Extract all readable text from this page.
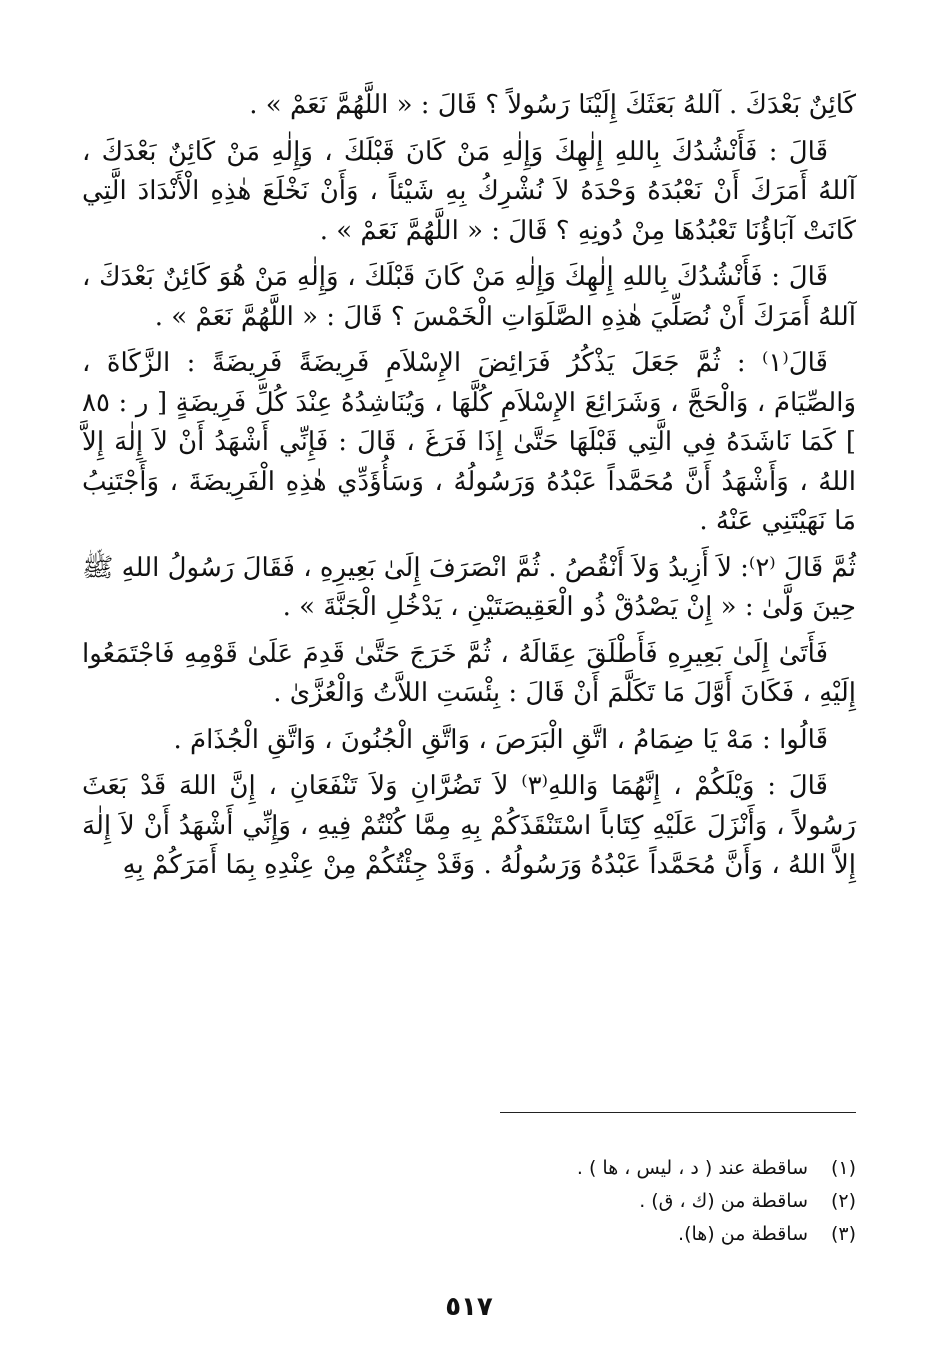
كَائِنٌ بَعْدَكَ . آللهُ بَعَثَكَ إِلَيْنَا رَسُولاً ؟ قَالَ : « اللَّهُمَّ نَعَمْ » .

قَالَ : فَأَنْشُدُكَ بِاللهِ إِلٰهِكَ وَإِلٰهِ مَنْ كَانَ قَبْلَكَ ، وَإِلٰهِ مَنْ كَائِنٌ بَعْدَكَ ، آللهُ أَمَرَكَ أَنْ نَعْبُدَهُ وَحْدَهُ لاَ نُشْرِكُ بِهِ شَيْئاً ، وَأَنْ نَخْلَعَ هٰذِهِ الْأَنْدَادَ الَّتِي كَانَتْ آبَاؤُنَا تَعْبُدُهَا مِنْ دُونِهِ ؟ قَالَ : « اللَّهُمَّ نَعَمْ » .

قَالَ : فَأَنْشُدُكَ بِاللهِ إِلٰهِكَ وَإِلٰهِ مَنْ كَانَ قَبْلَكَ ، وَإِلٰهِ مَنْ هُوَ كَائِنٌ بَعْدَكَ ، آللهُ أَمَرَكَ أَنْ نُصَلِّيَ هٰذِهِ الصَّلَوَاتِ الْخَمْسَ ؟ قَالَ : « اللَّهُمَّ نَعَمْ » .

قَالَ⁽١⁾ : ثُمَّ جَعَلَ يَذْكُرُ فَرَائِضَ الإِسْلاَمِ فَرِيضَةً فَرِيضَةً : الزَّكَاةَ ، وَالصِّيَامَ ، وَالْحَجَّ ، وَشَرَائِعَ الإِسْلاَمِ كُلَّهَا ، وَيُنَاشِدُهُ عِنْدَ كُلِّ فَرِيضَةٍ [ ر : ٨٥ ] كَمَا نَاشَدَهُ فِي الَّتِي قَبْلَهَا حَتَّىٰ إِذَا فَرَغَ ، قَالَ : فَإِنِّي أَشْهَدُ أَنْ لاَ إِلٰهَ إِلاَّ اللهُ ، وَأَشْهَدُ أَنَّ مُحَمَّداً عَبْدُهُ وَرَسُولُهُ ، وَسَأُؤَدِّي هٰذِهِ الْفَرِيضَةَ ، وَأَجْتَنِبُ مَا نَهَيْتَنِي عَنْهُ .

ثُمَّ قَالَ ⁽٢⁾: لاَ أَزِيدُ وَلاَ أَنْقُصُ . ثُمَّ انْصَرَفَ إِلَىٰ بَعِيرِهِ ، فَقَالَ رَسُولُ اللهِ ﷺ حِينَ وَلَّىٰ : « إِنْ يَصْدُقْ ذُو الْعَقِيصَتَيْنِ ، يَدْخُلِ الْجَنَّةَ » .

فَأَتَىٰ إِلَىٰ بَعِيرِهِ فَأَطْلَقَ عِقَالَهُ ، ثُمَّ خَرَجَ حَتَّىٰ قَدِمَ عَلَىٰ قَوْمِهِ فَاجْتَمَعُوا إِلَيْهِ ، فَكَانَ أَوَّلَ مَا تَكَلَّمَ أَنْ قَالَ : بِئْسَتِ اللاَّتُ وَالْعُزَّىٰ .

قَالُوا : مَهْ يَا ضِمَامُ ، اتَّقِ الْبَرَصَ ، وَاتَّقِ الْجُنُونَ ، وَاتَّقِ الْجُذَامَ .

قَالَ : وَيْلَكُمْ ، إِنَّهُمَا وَاللهِ⁽٣⁾ لاَ تَضُرَّانِ وَلاَ تَنْفَعَانِ ، إِنَّ اللهَ قَدْ بَعَثَ رَسُولاً ، وَأَنْزَلَ عَلَيْهِ كِتَاباً اسْتَنْقَذَكُمْ بِهِ مِمَّا كُنْتُمْ فِيهِ ، وَإِنِّي أَشْهَدُ أَنْ لاَ إِلٰهَ إِلاَّ اللهُ ، وَأَنَّ مُحَمَّداً عَبْدُهُ وَرَسُولُهُ . وَقَدْ جِئْتُكُمْ مِنْ عِنْدِهِ بِمَا أَمَرَكُمْ بِهِ

(١)
ساقطة عند ( د ، ليس ، ها ) .
(٢)
ساقطة من (ك ، ق) .
(٣)
ساقطة من (ها).
٥١٧
